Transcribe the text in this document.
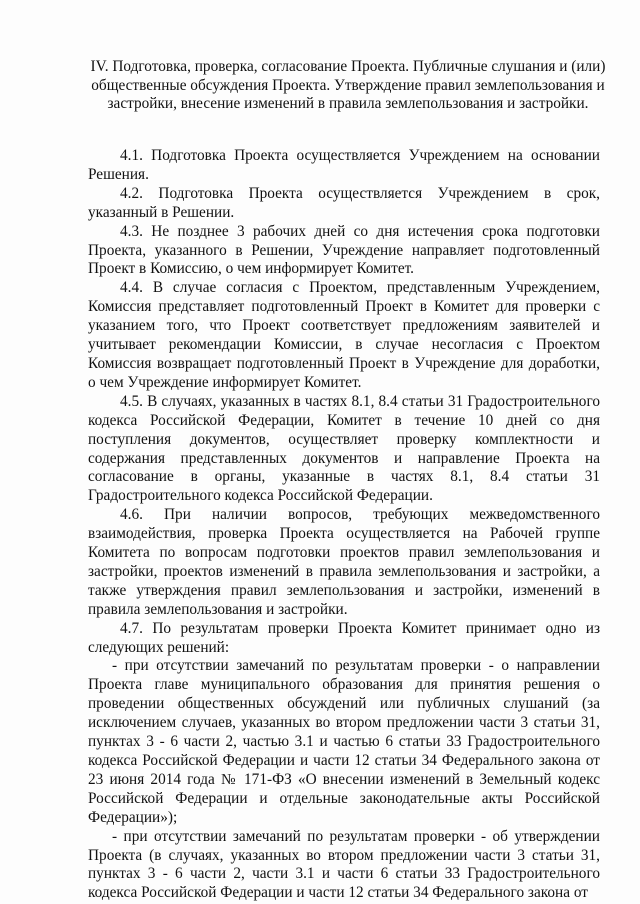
IV. Подготовка, проверка, согласование Проекта. Публичные слушания и (или) общественные обсуждения Проекта. Утверждение правил землепользования и застройки, внесение изменений в правила землепользования и застройки.

4.1. Подготовка Проекта осуществляется Учреждением на основании Решения.

4.2. Подготовка Проекта осуществляется Учреждением в срок, указанный в Решении.

4.3. Не позднее 3 рабочих дней со дня истечения срока подготовки Проекта, указанного в Решении, Учреждение направляет подготовленный Проект в Комиссию, о чем информирует Комитет.

4.4. В случае согласия с Проектом, представленным Учреждением, Комиссия представляет подготовленный Проект в Комитет для проверки с указанием того, что Проект соответствует предложениям заявителей и учитывает рекомендации Комиссии, в случае несогласия с Проектом Комиссия возвращает подготовленный Проект в Учреждение для доработки, о чем Учреждение информирует Комитет.

4.5. В случаях, указанных в частях 8.1, 8.4 статьи 31 Градостроительного кодекса Российской Федерации, Комитет в течение 10 дней со дня поступления документов, осуществляет проверку комплектности и содержания представленных документов и направление Проекта на согласование в органы, указанные в частях 8.1, 8.4 статьи 31 Градостроительного кодекса Российской Федерации.

4.6. При наличии вопросов, требующих межведомственного взаимодействия, проверка Проекта осуществляется на Рабочей группе Комитета по вопросам подготовки проектов правил землепользования и застройки, проектов изменений в правила землепользования и застройки, а также утверждения правил землепользования и застройки, изменений в правила землепользования и застройки.

4.7. По результатам проверки Проекта Комитет принимает одно из следующих решений:

- при отсутствии замечаний по результатам проверки - о направлении Проекта главе муниципального образования для принятия решения о проведении общественных обсуждений или публичных слушаний (за исключением случаев, указанных во втором предложении части 3 статьи 31, пунктах 3 - 6 части 2, частью 3.1 и частью 6 статьи 33 Градостроительного кодекса Российской Федерации и части 12 статьи 34 Федерального закона от 23 июня 2014 года № 171-ФЗ «О внесении изменений в Земельный кодекс Российской Федерации и отдельные законодательные акты Российской Федерации»);

- при отсутствии замечаний по результатам проверки - об утверждении Проекта (в случаях, указанных во втором предложении части 3 статьи 31, пунктах 3 - 6 части 2, части 3.1 и части 6 статьи 33 Градостроительного кодекса Российской Федерации и части 12 статьи 34 Федерального закона от
